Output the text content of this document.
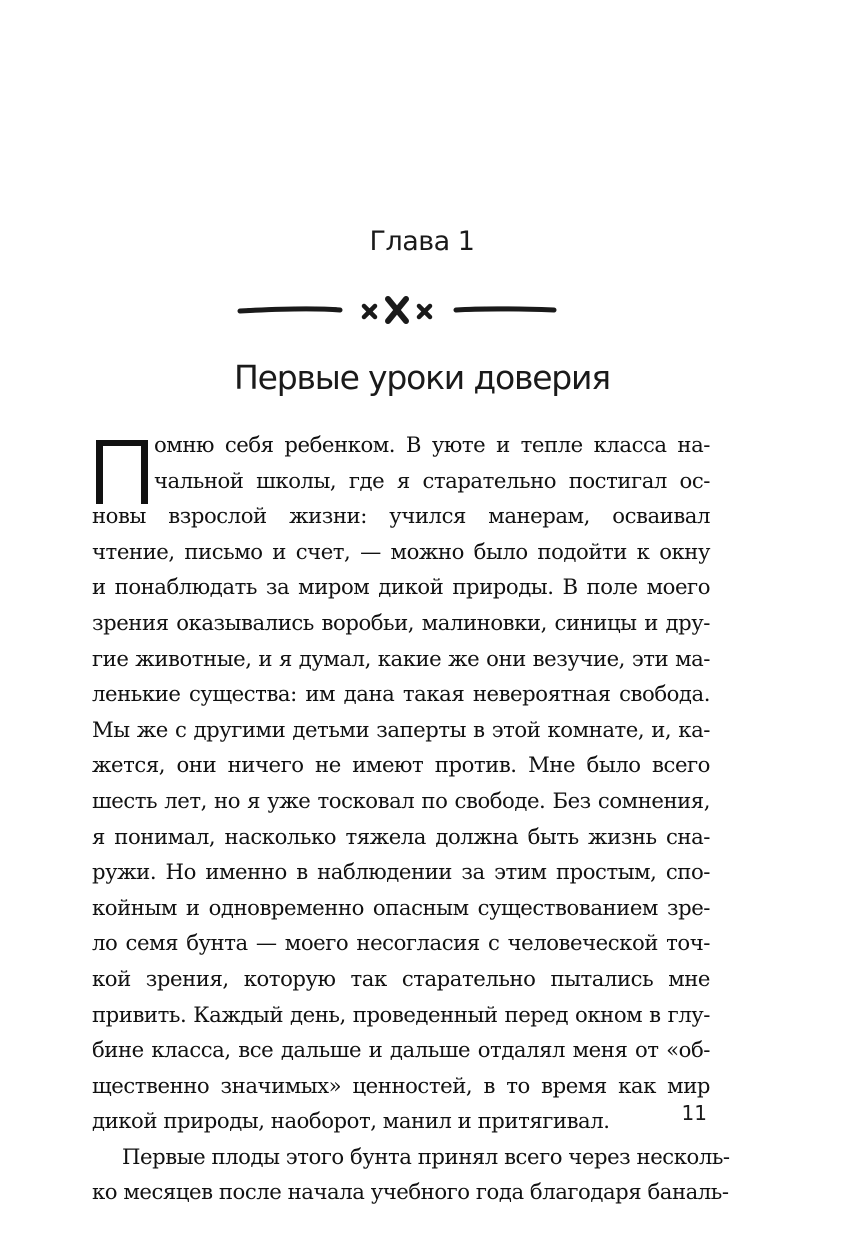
Глава 1
Первые уроки доверия
П	омню себя ребенком. В уюте и тепле класса на-
чальной школы, где я старательно постигал ос-
новы взрослой жизни: учился манерам, осваивал
чтение, письмо и счет, — можно было подойти к окну
и понаблюдать за миром дикой природы. В поле моего
зрения оказывались воробьи, малиновки, синицы и дру-
гие животные, и я думал, какие же они везучие, эти ма-
ленькие существа: им дана такая невероятная свобода.
Мы же с другими детьми заперты в этой комнате, и, ка-
жется, они ничего не имеют против. Мне было всего
шесть лет, но я уже тосковал по свободе. Без сомнения,
я понимал, насколько тяжела должна быть жизнь сна-
ружи. Но именно в наблюдении за этим простым, спо-
койным и одновременно опасным существованием зре-
ло семя бунта — моего несогласия с человеческой точ-
кой зрения, которую так старательно пытались мне
привить. Каждый день, проведенный перед окном в глу-
бине класса, все дальше и дальше отдалял меня от «об-
щественно значимых» ценностей, в то время как мир
дикой природы, наоборот, манил и притягивал.
Первые плоды этого бунта принял всего через несколь-
ко месяцев после начала учебного года благодаря баналь-
11
